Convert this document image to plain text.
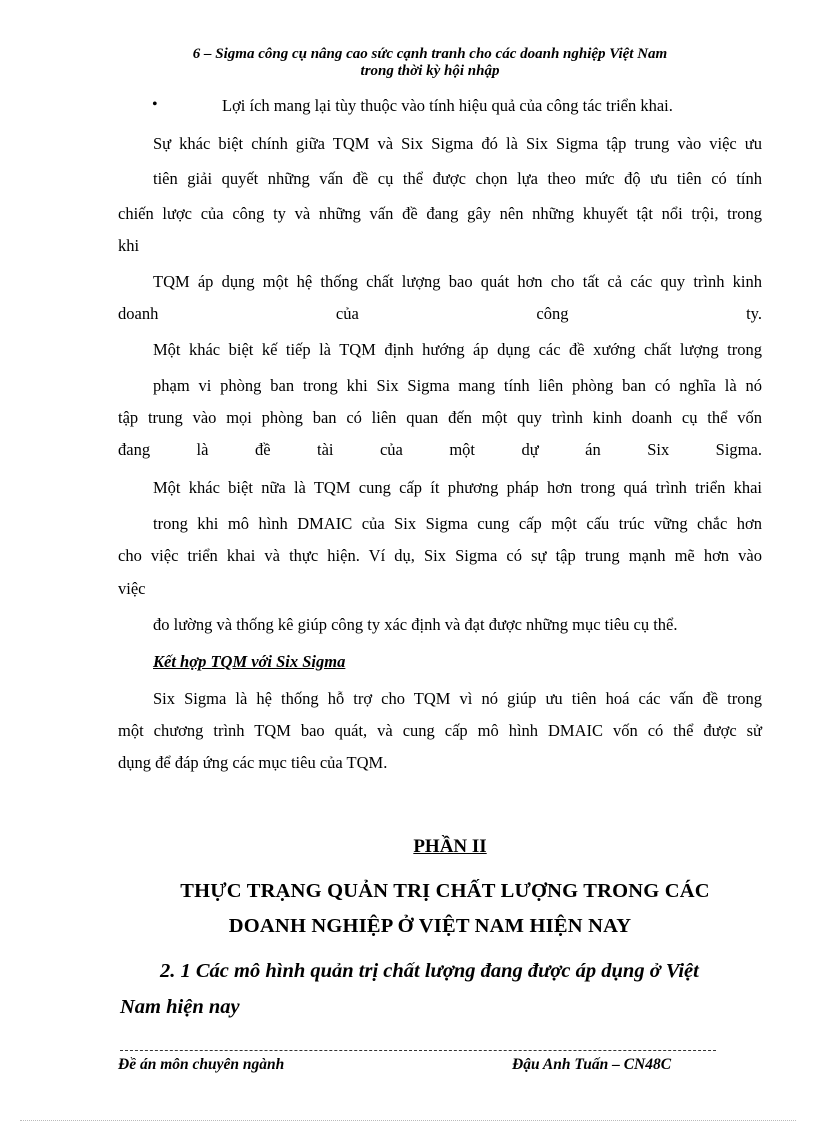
6 – Sigma công cụ nâng cao sức cạnh tranh cho các doanh nghiệp Việt Nam
trong thời kỳ hội nhập
•	Lợi ích mang lại tùy thuộc vào tính hiệu quả của công tác triển khai.
Sự khác biệt chính giữa TQM và Six Sigma đó là Six Sigma tập trung vào việc ưu
tiên giải quyết những vấn đề cụ thể được chọn lựa theo mức độ ưu tiên có tính
chiến lược của công ty và những vấn đề đang gây nên những khuyết tật nổi trội, trong
khi
TQM áp dụng một hệ thống chất lượng bao quát hơn cho tất cả các quy trình kinh
doanh	của	công	ty.
Một khác biệt kế tiếp là TQM định hướng áp dụng các đề xướng chất lượng trong
phạm vi phòng ban trong khi Six Sigma mang tính liên phòng ban có nghĩa là nó
tập trung vào mọi phòng ban có liên quan đến một quy trình kinh doanh cụ thể vốn
đang	là	đề	tài	của	một	dự	án	Six	Sigma.
Một khác biệt nữa là TQM cung cấp ít phương pháp hơn trong quá trình triển khai
trong khi mô hình DMAIC của Six Sigma cung cấp một cấu trúc vững chắc hơn
cho việc triển khai và thực hiện. Ví dụ, Six Sigma có sự tập trung mạnh mẽ hơn vào
việc
đo lường và thống kê giúp công ty xác định và đạt được những mục tiêu cụ thể.
Kết hợp TQM với Six Sigma
Six Sigma là hệ thống hỗ trợ cho TQM vì nó giúp ưu tiên hoá các vấn đề trong
một chương trình TQM bao quát, và cung cấp mô hình DMAIC vốn có thể được sử
dụng để đáp ứng các mục tiêu của TQM.
PHẦN II
THỰC TRẠNG QUẢN TRỊ CHẤT LƯỢNG TRONG CÁC
DOANH NGHIỆP Ở VIỆT NAM HIỆN NAY
2. 1 Các mô hình quản trị chất lượng đang được áp dụng ở Việt
Nam hiện nay
Đề án môn chuyên ngành	Đậu Anh Tuấn – CN48C
